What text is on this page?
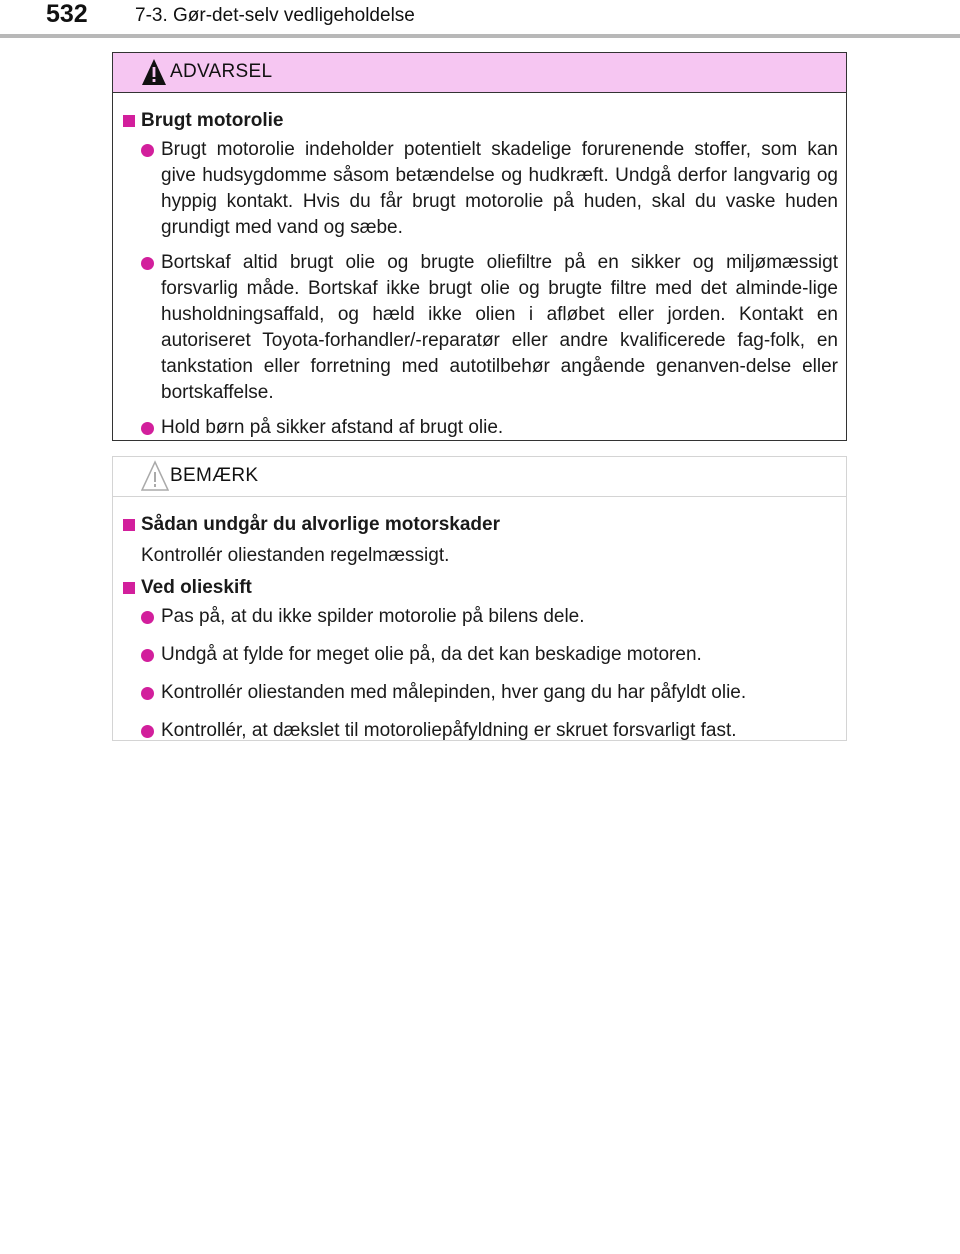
532 7-3. Gør-det-selv vedligeholdelse
ADVARSEL
Brugt motorolie
Brugt motorolie indeholder potentielt skadelige forurenende stoffer, som kan give hudsygdomme såsom betændelse og hudkræft. Undgå derfor langvarig og hyppig kontakt. Hvis du får brugt motorolie på huden, skal du vaske huden grundigt med vand og sæbe.
Bortskaf altid brugt olie og brugte oliefiltre på en sikker og miljømæssigt forsvarlig måde. Bortskaf ikke brugt olie og brugte filtre med det alminde-lige husholdningsaffald, og hæld ikke olien i afløbet eller jorden. Kontakt en autoriseret Toyota-forhandler/-reparatør eller andre kvalificerede fag-folk, en tankstation eller forretning med autotilbehør angående genanven-delse eller bortskaffelse.
Hold børn på sikker afstand af brugt olie.
BEMÆRK
Sådan undgår du alvorlige motorskader
Kontrollér oliestanden regelmæssigt.
Ved olieskift
Pas på, at du ikke spilder motorolie på bilens dele.
Undgå at fylde for meget olie på, da det kan beskadige motoren.
Kontrollér oliestanden med målepinden, hver gang du har påfyldt olie.
Kontrollér, at dækslet til motoroliepåfyldning er skruet forsvarligt fast.
